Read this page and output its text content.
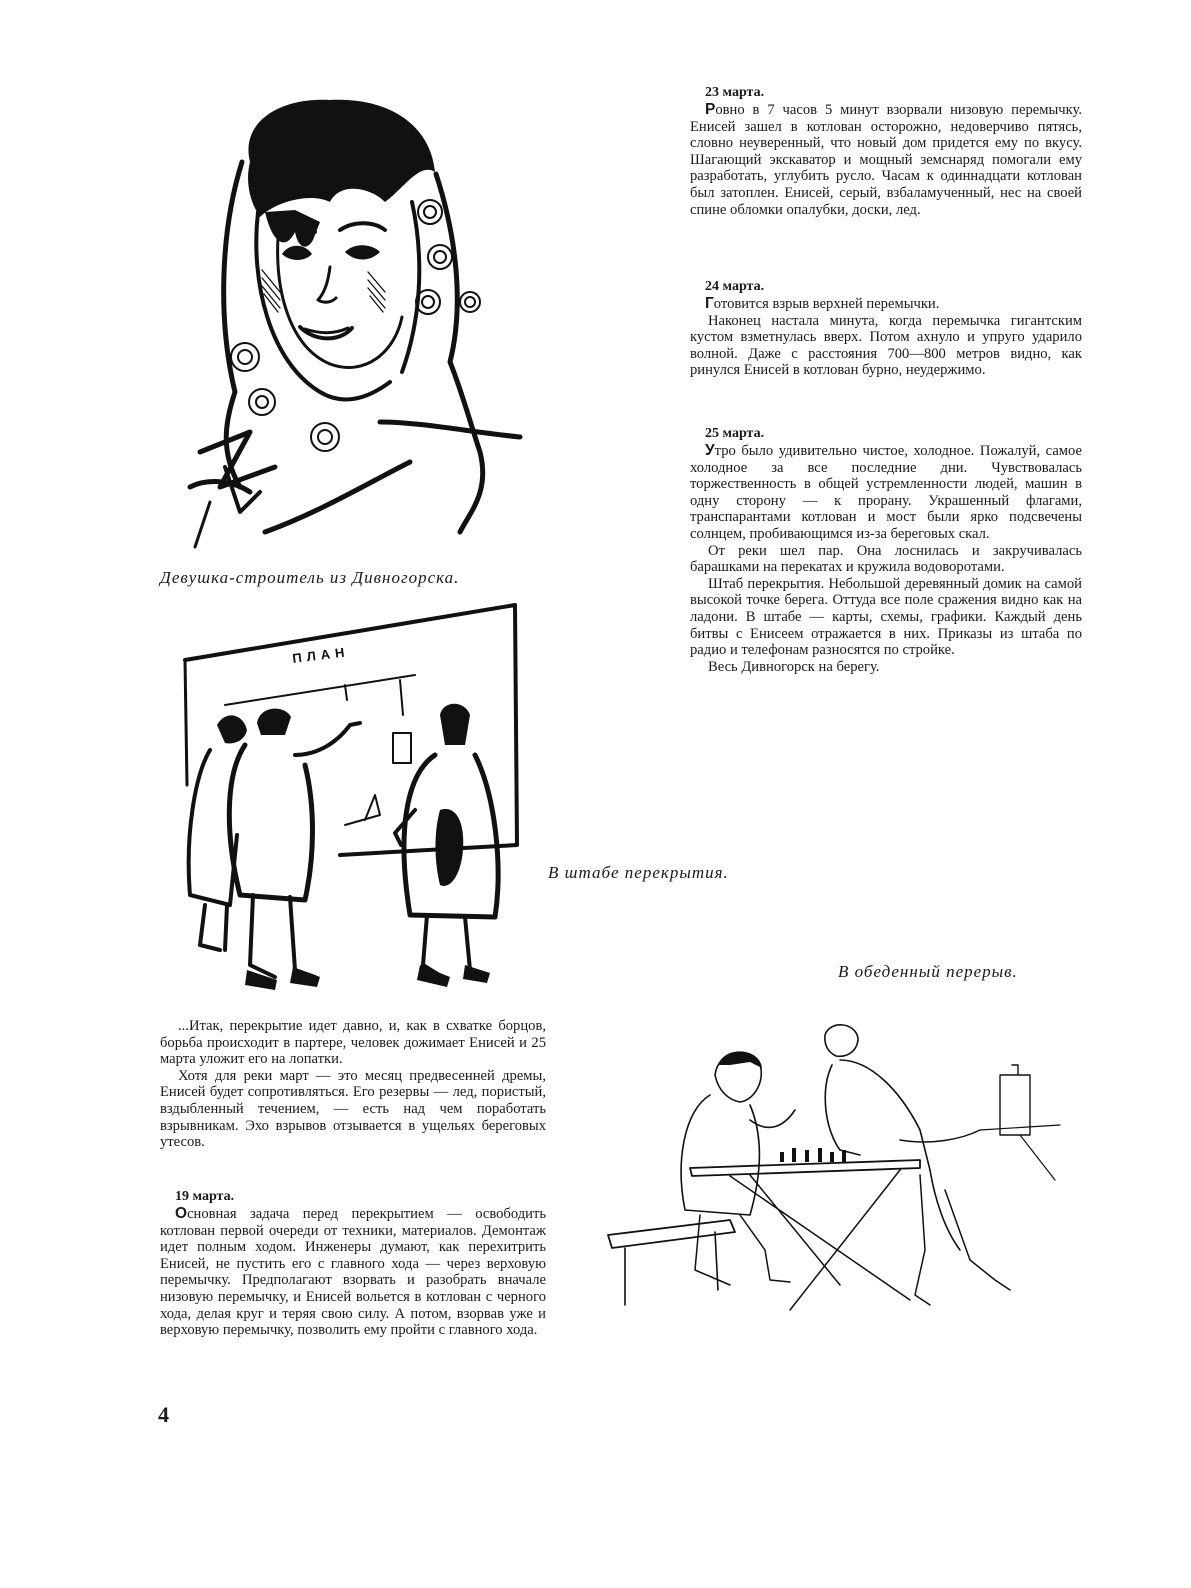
Девушка-строитель из Дивногорска.
ПЛАН
В штабе перекрытия.
В обеденный перерыв.

...Итак, перекрытие идет давно, и, как в схватке борцов, борьба происходит в партере, человек дожимает Енисей и 25 марта уложит его на лопатки.

Хотя для реки март — это месяц предвесенней дремы, Енисей будет сопротивляться. Его резервы — лед, пористый, вздыбленный течением, — есть над чем поработать взрывникам. Эхо взрывов отзывается в ущельях береговых утесов.

19 марта.

Основная задача перед перекрытием — освободить котлован первой очереди от техники, материалов. Демонтаж идет полным ходом. Инженеры думают, как перехитрить Енисей, не пустить его с главного хода — через верховую перемычку. Предполагают взорвать и разобрать вначале низовую перемычку, и Енисей вольется в котлован с черного хода, делая круг и теряя свою силу. А потом, взорвав уже и верховую перемычку, позволить ему пройти с главного хода.

23 марта.

Ровно в 7 часов 5 минут взорвали низовую перемычку. Енисей зашел в котлован осторожно, недоверчиво пятясь, словно неуверенный, что новый дом придется ему по вкусу. Шагающий экскаватор и мощный земснаряд помогали ему разработать, углубить русло. Часам к одиннадцати котлован был затоплен. Енисей, серый, взбаламученный, нес на своей спине обломки опалубки, доски, лед.

24 марта.

Готовится взрыв верхней перемычки.

Наконец настала минута, когда перемычка гигантским кустом взметнулась вверх. Потом ахнуло и упруго ударило волной. Даже с расстояния 700—800 метров видно, как ринулся Енисей в котлован бурно, неудержимо.

25 марта.

Утро было удивительно чистое, холодное. Пожалуй, самое холодное за все последние дни. Чувствовалась торжественность в общей устремленности людей, машин в одну сторону — к прорану. Украшенный флагами, транспарантами котлован и мост были ярко подсвечены солнцем, пробивающимся из-за береговых скал.

От реки шел пар. Она лоснилась и закручивалась барашками на перекатах и кружила водоворотами.

Штаб перекрытия. Небольшой деревянный домик на самой высокой точке берега. Оттуда все поле сражения видно как на ладони. В штабе — карты, схемы, графики. Каждый день битвы с Енисеем отражается в них. Приказы из штаба по радио и телефонам разносятся по стройке.

Весь Дивногорск на берегу.

4
